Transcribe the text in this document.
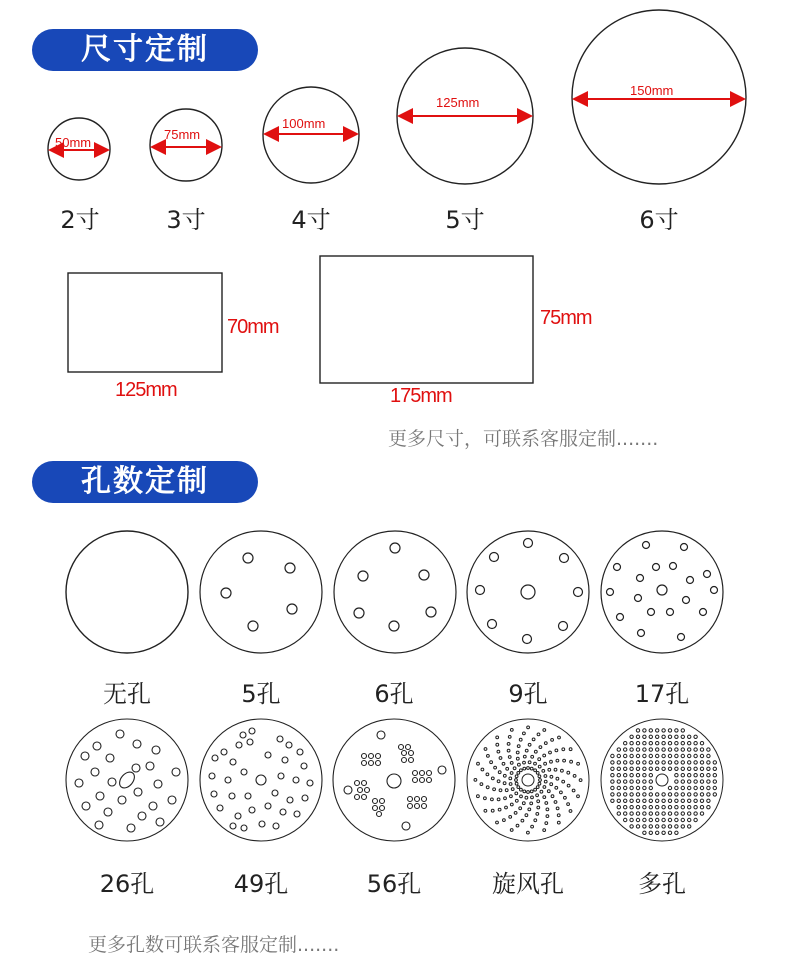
尺寸定制
50mm
75mm
100mm
125mm
150mm
2寸	3寸	4寸	5寸	6寸
70mm
125mm
75mm
175mm
更多尺寸，可联系客服定制.......
孔数定制
无孔	5孔	6孔	9孔	17孔
26孔	49孔	56孔	旋风孔	多孔
更多孔数可联系客服定制.......
